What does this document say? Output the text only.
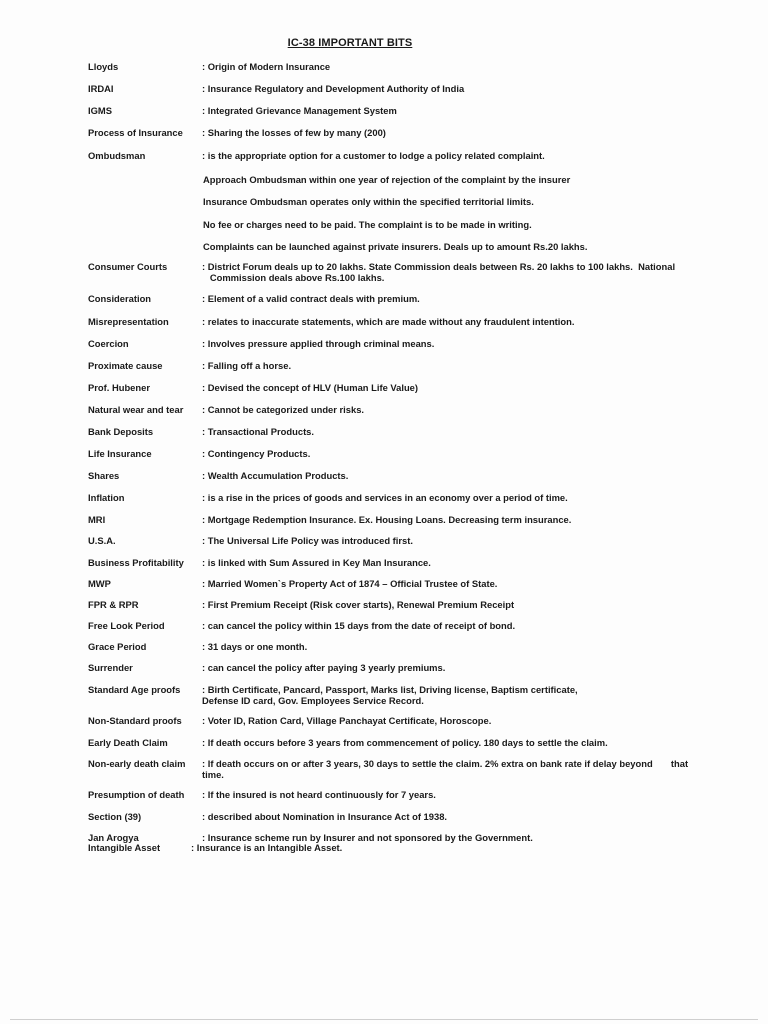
IC-38 IMPORTANT BITS
Lloyds	: Origin of Modern Insurance
IRDAI	: Insurance Regulatory and Development Authority of India
IGMS	: Integrated Grievance Management System
Process of Insurance	: Sharing the losses of few by many (200)
Ombudsman	: is the appropriate option for a customer to lodge a policy related complaint.
Approach Ombudsman within one year of rejection of the complaint by the insurer
Insurance Ombudsman operates only within the specified territorial limits.
No fee or charges need to be paid. The complaint is to be made in writing.
Complaints can be launched against private insurers. Deals up to amount Rs.20 lakhs.
Consumer Courts	: District Forum deals up to 20 lakhs. State Commission deals between Rs. 20 lakhs to 100 lakhs.  National
Commission deals above Rs.100 lakhs.
Consideration	: Element of a valid contract deals with premium.
Misrepresentation	: relates to inaccurate statements, which are made without any fraudulent intention.
Coercion	: Involves pressure applied through criminal means.
Proximate cause	: Falling off a horse.
Prof. Hubener	: Devised the concept of HLV (Human Life Value)
Natural wear and tear	: Cannot be categorized under risks.
Bank Deposits	: Transactional Products.
Life Insurance	: Contingency Products.
Shares	: Wealth Accumulation Products.
Inflation	: is a rise in the prices of goods and services in an economy over a period of time.
MRI	: Mortgage Redemption Insurance. Ex. Housing Loans. Decreasing term insurance.
U.S.A.	: The Universal Life Policy was introduced first.
Business Profitability	: is linked with Sum Assured in Key Man Insurance.
MWP	: Married Women`s Property Act of 1874 – Official Trustee of State.
FPR & RPR	: First Premium Receipt (Risk cover starts), Renewal Premium Receipt
Free Look Period	: can cancel the policy within 15 days from the date of receipt of bond.
Grace Period	: 31 days or one month.
Surrender	: can cancel the policy after paying 3 yearly premiums.
Standard Age proofs	: Birth Certificate, Pancard, Passport, Marks list, Driving license, Baptism certificate,
Defense ID card, Gov. Employees Service Record.
Non-Standard proofs	: Voter ID, Ration Card, Village Panchayat Certificate, Horoscope.
Early Death Claim	: If death occurs before 3 years from commencement of policy. 180 days to settle the claim.
Non-early death claim	: If death occurs on or after 3 years, 30 days to settle the claim. 2% extra on bank rate if delay beyond       that
time.
Presumption of death	: If the insured is not heard continuously for 7 years.
Section (39)	: described about Nomination in Insurance Act of 1938.
Jan Arogya	: Insurance scheme run by Insurer and not sponsored by the Government.
Intangible Asset	: Insurance is an Intangible Asset.
